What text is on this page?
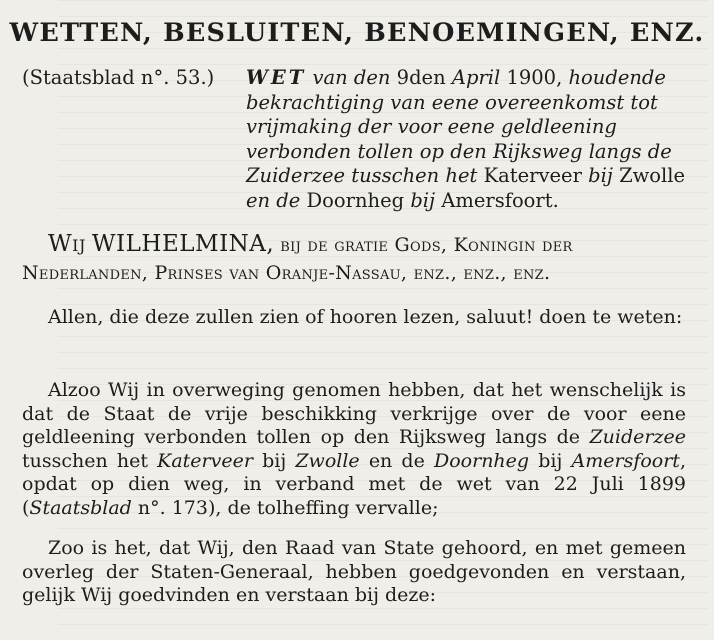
WETTEN, BESLUITEN, BENOEMINGEN, ENZ.
(Staatsblad n°. 53.) WET van den 9den April 1900, houdende bekrachtiging van eene overeenkomst tot vrijmaking der voor eene geldleening verbonden tollen op den Rijksweg langs de Zuiderzee tusschen het Katerveer bij Zwolle en de Doornheg bij Amersfoort.

Wij WILHELMINA, bij de gratie Gods, Koningin der
Nederlanden, Prinses van Oranje-Nassau, enz., enz., enz.

Allen, die deze zullen zien of hooren lezen, saluut! doen te weten:

Alzoo Wij in overweging genomen hebben, dat het wenschelijk is dat de Staat de vrije beschikking verkrijge over de voor eene geldleening verbonden tollen op den Rijksweg langs de Zuiderzee tusschen het Katerveer bij Zwolle en de Doornheg bij Amersfoort, opdat op dien weg, in verband met de wet van 22 Juli 1899 (Staatsblad n°. 173), de tolheffing vervalle;

Zoo is het, dat Wij, den Raad van State gehoord, en met gemeen overleg der Staten-Generaal, hebben goedgevonden en verstaan, gelijk Wij goedvinden en verstaan bij deze:
